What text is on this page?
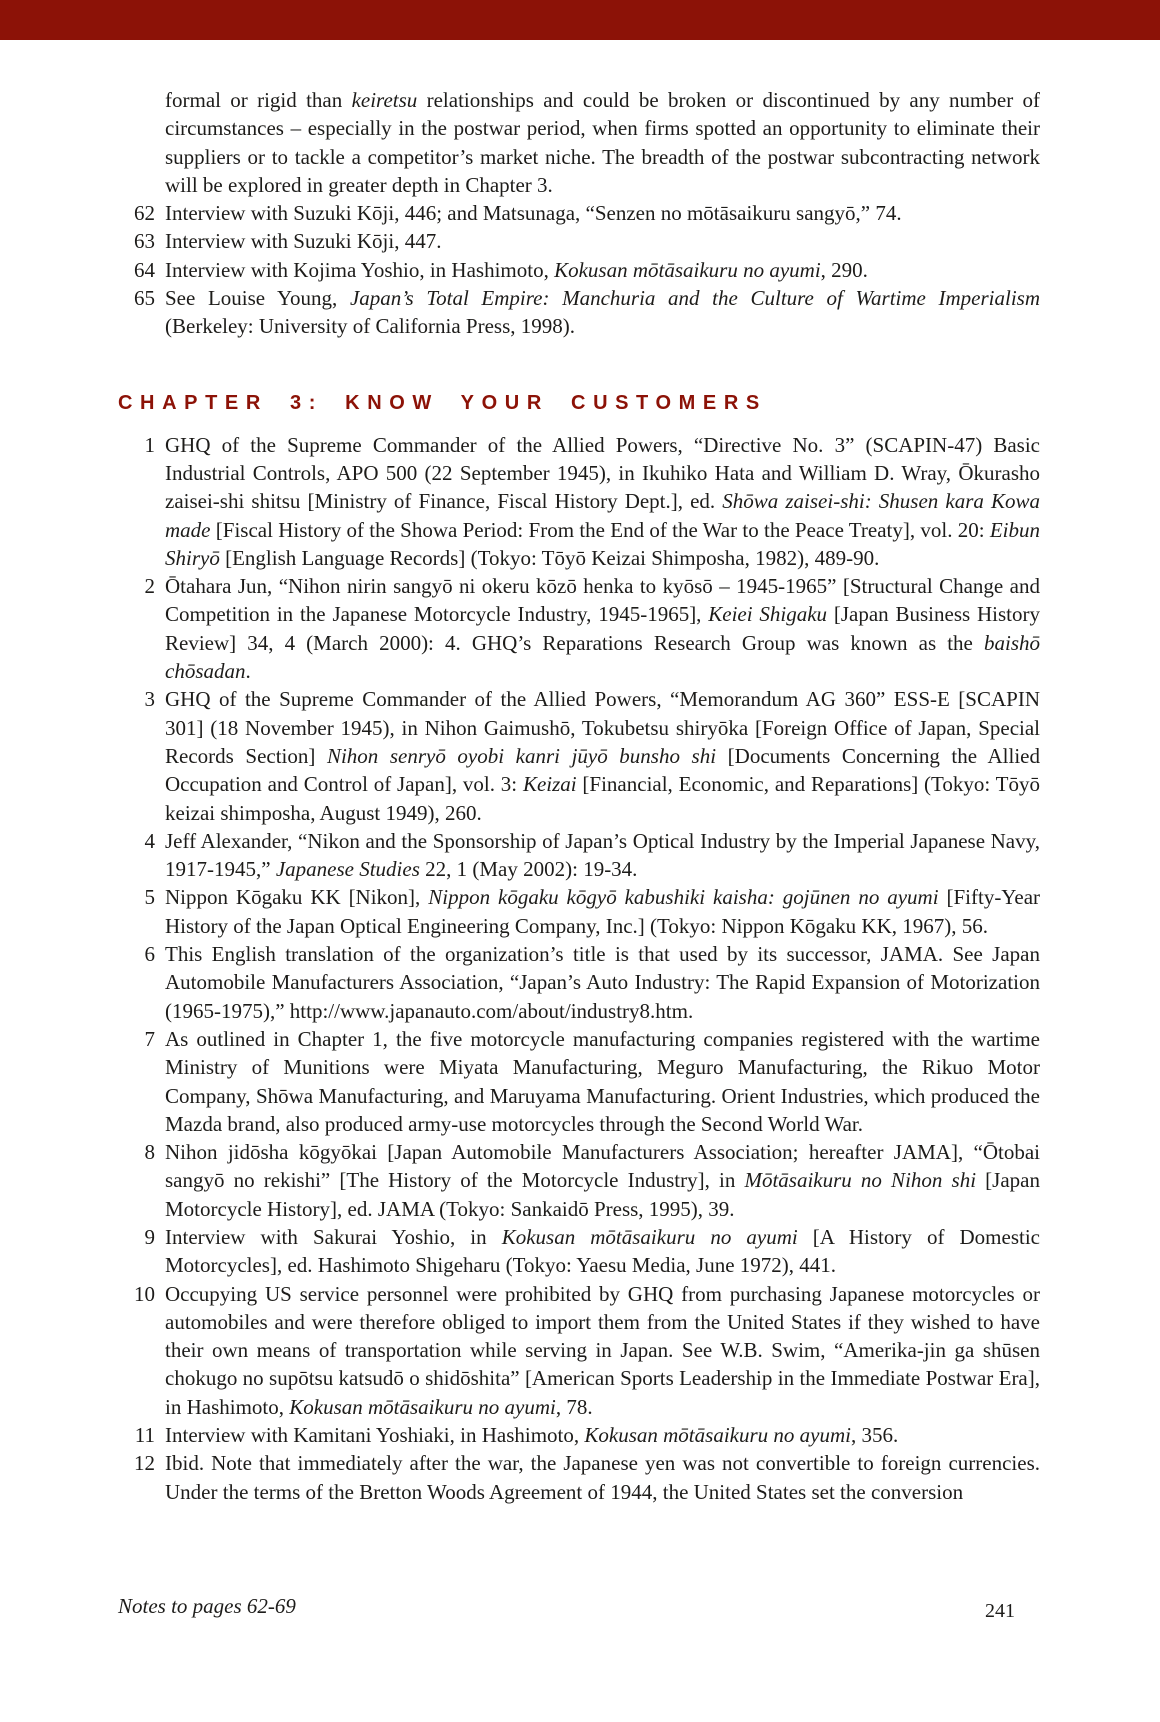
formal or rigid than keiretsu relationships and could be broken or discontinued by any number of circumstances – especially in the postwar period, when firms spotted an opportunity to eliminate their suppliers or to tackle a competitor’s market niche. The breadth of the postwar subcontracting network will be explored in greater depth in Chapter 3.

62 Interview with Suzuki Kōji, 446; and Matsunaga, “Senzen no mōtāsaikuru sangyō,” 74.
63 Interview with Suzuki Kōji, 447.
64 Interview with Kojima Yoshio, in Hashimoto, Kokusan mōtāsaikuru no ayumi, 290.
65 See Louise Young, Japan’s Total Empire: Manchuria and the Culture of Wartime Imperialism (Berkeley: University of California Press, 1998).
CHAPTER 3: KNOW YOUR CUSTOMERS
1 GHQ of the Supreme Commander of the Allied Powers, “Directive No. 3” (SCAPIN-47) Basic Industrial Controls, APO 500 (22 September 1945), in Ikuhiko Hata and William D. Wray, Ōkurasho zaisei-shi shitsu [Ministry of Finance, Fiscal History Dept.], ed. Shōwa zaisei-shi: Shusen kara Kowa made [Fiscal History of the Showa Period: From the End of the War to the Peace Treaty], vol. 20: Eibun Shiryō [English Language Records] (Tokyo: Tōyō Keizai Shimposha, 1982), 489-90.
2 Ōtahara Jun, “Nihon nirin sangyō ni okeru kōzō henka to kyōsō – 1945-1965” [Structural Change and Competition in the Japanese Motorcycle Industry, 1945-1965], Keiei Shigaku [Japan Business History Review] 34, 4 (March 2000): 4. GHQ’s Reparations Research Group was known as the baishō chōsadan.
3 GHQ of the Supreme Commander of the Allied Powers, “Memorandum AG 360” ESS-E [SCAPIN 301] (18 November 1945), in Nihon Gaimushō, Tokubetsu shiryōka [Foreign Office of Japan, Special Records Section] Nihon senryō oyobi kanri jūyō bunsho shi [Documents Concerning the Allied Occupation and Control of Japan], vol. 3: Keizai [Financial, Economic, and Reparations] (Tokyo: Tōyō keizai shimposha, August 1949), 260.
4 Jeff Alexander, “Nikon and the Sponsorship of Japan’s Optical Industry by the Imperial Japanese Navy, 1917-1945,” Japanese Studies 22, 1 (May 2002): 19-34.
5 Nippon Kōgaku KK [Nikon], Nippon kōgaku kōgyō kabushiki kaisha: gojūnen no ayumi [Fifty-Year History of the Japan Optical Engineering Company, Inc.] (Tokyo: Nippon Kōgaku KK, 1967), 56.
6 This English translation of the organization’s title is that used by its successor, JAMA. See Japan Automobile Manufacturers Association, “Japan’s Auto Industry: The Rapid Expansion of Motorization (1965-1975),” http://www.japanauto.com/about/industry8.htm.
7 As outlined in Chapter 1, the five motorcycle manufacturing companies registered with the wartime Ministry of Munitions were Miyata Manufacturing, Meguro Manufacturing, the Rikuo Motor Company, Shōwa Manufacturing, and Maruyama Manufacturing. Orient Industries, which produced the Mazda brand, also produced army-use motorcycles through the Second World War.
8 Nihon jidōsha kōgyōkai [Japan Automobile Manufacturers Association; hereafter JAMA], “Ōtobai sangyō no rekishi” [The History of the Motorcycle Industry], in Mōtāsaikuru no Nihon shi [Japan Motorcycle History], ed. JAMA (Tokyo: Sankaidō Press, 1995), 39.
9 Interview with Sakurai Yoshio, in Kokusan mōtāsaikuru no ayumi [A History of Domestic Motorcycles], ed. Hashimoto Shigeharu (Tokyo: Yaesu Media, June 1972), 441.
10 Occupying US service personnel were prohibited by GHQ from purchasing Japanese motorcycles or automobiles and were therefore obliged to import them from the United States if they wished to have their own means of transportation while serving in Japan. See W.B. Swim, “Amerika-jin ga shūsen chokugo no supōtsu katsudō o shidōshita” [American Sports Leadership in the Immediate Postwar Era], in Hashimoto, Kokusan mōtāsaikuru no ayumi, 78.
11 Interview with Kamitani Yoshiaki, in Hashimoto, Kokusan mōtāsaikuru no ayumi, 356.
12 Ibid. Note that immediately after the war, the Japanese yen was not convertible to foreign currencies. Under the terms of the Bretton Woods Agreement of 1944, the United States set the conversion
Notes to pages 62-69	241
